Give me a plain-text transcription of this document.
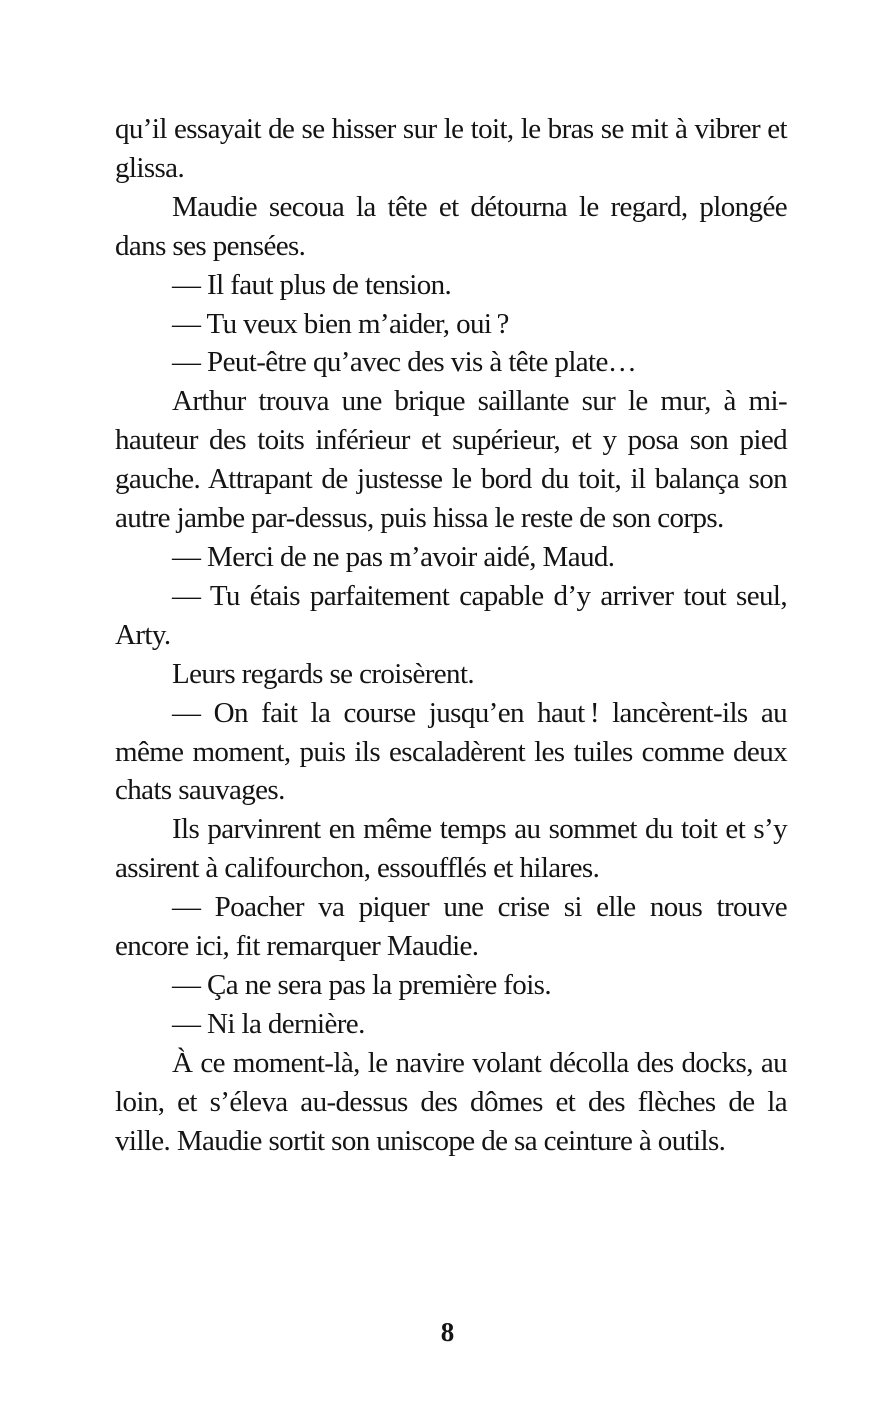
qu’il essayait de se hisser sur le toit, le bras se mit à vibrer et glissa.

Maudie secoua la tête et détourna le regard, plongée dans ses pensées.

— Il faut plus de tension.

— Tu veux bien m’aider, oui ?

— Peut-être qu’avec des vis à tête plate…

Arthur trouva une brique saillante sur le mur, à mi-hauteur des toits inférieur et supérieur, et y posa son pied gauche. Attrapant de justesse le bord du toit, il balança son autre jambe par-dessus, puis hissa le reste de son corps.

— Merci de ne pas m’avoir aidé, Maud.

— Tu étais parfaitement capable d’y arriver tout seul, Arty.

Leurs regards se croisèrent.

— On fait la course jusqu’en haut ! lancèrent-ils au même moment, puis ils escaladèrent les tuiles comme deux chats sauvages.

Ils parvinrent en même temps au sommet du toit et s’y assirent à califourchon, essoufflés et hilares.

— Poacher va piquer une crise si elle nous trouve encore ici, fit remarquer Maudie.

— Ça ne sera pas la première fois.

— Ni la dernière.

À ce moment-là, le navire volant décolla des docks, au loin, et s’éleva au-dessus des dômes et des flèches de la ville. Maudie sortit son uniscope de sa ceinture à outils.

8
